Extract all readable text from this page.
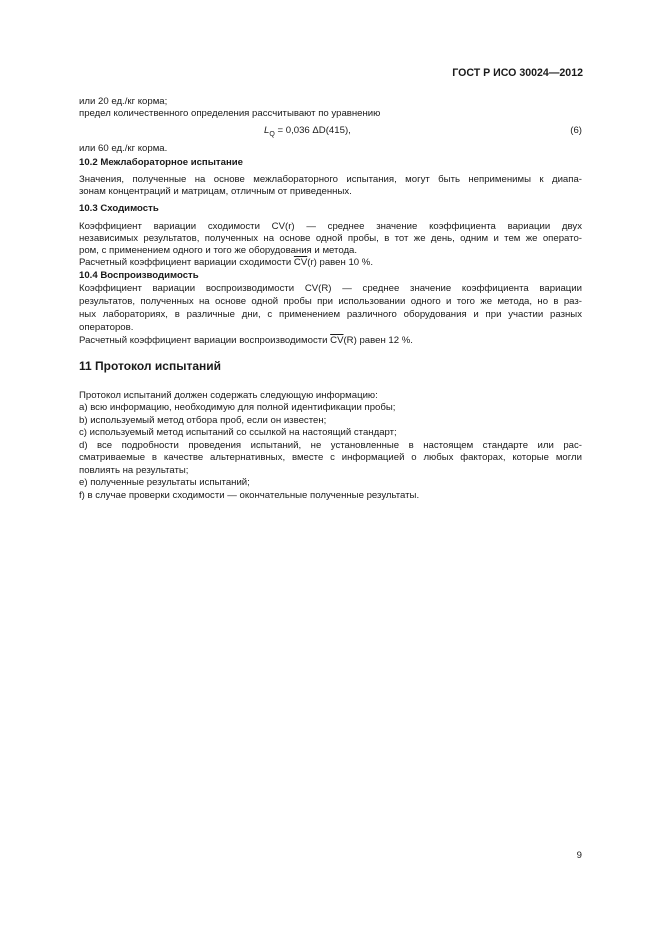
ГОСТ Р ИСО 30024—2012
или 20 ед./кг корма;
предел количественного определения рассчитывают по уравнению
$L_Q = 0,036$ ΔD(415),	(6)
или 60 ед./кг корма.
10.2 Межлабораторное испытание
Значения, полученные на основе межлабораторного испытания, могут быть неприменимы к диапа-
зонам концентраций и матрицам, отличным от приведенных.
10.3 Сходимость
Коэффициент вариации сходимости CV(r) — среднее значение коэффициента вариации двух
независимых результатов, полученных на основе одной пробы, в тот же день, одним и тем же операто-
ром, с применением одного и того же оборудования и метода.
Расчетный коэффициент вариации сходимости $\overline{CV}(r)$ равен 10 %.
10.4 Воспроизводимость
Коэффициент вариации воспроизводимости CV(R) — среднее значение коэффициента вариации
результатов, полученных на основе одной пробы при использовании одного и того же метода, но в раз-
ных лабораториях, в различные дни, с применением различного оборудования и при участии разных
операторов.
Расчетный коэффициент вариации воспроизводимости $\overline{CV}(R)$ равен 12 %.
11 Протокол испытаний
Протокол испытаний должен содержать следующую информацию:
a) всю информацию, необходимую для полной идентификации пробы;
b) используемый метод отбора проб, если он известен;
c) используемый метод испытаний со ссылкой на настоящий стандарт;
d) все подробности проведения испытаний, не установленные в настоящем стандарте или рас-
сматриваемые в качестве альтернативных, вместе с информацией о любых факторах, которые могли
повлиять на результаты;
e) полученные результаты испытаний;
f) в случае проверки сходимости — окончательные полученные результаты.
9
